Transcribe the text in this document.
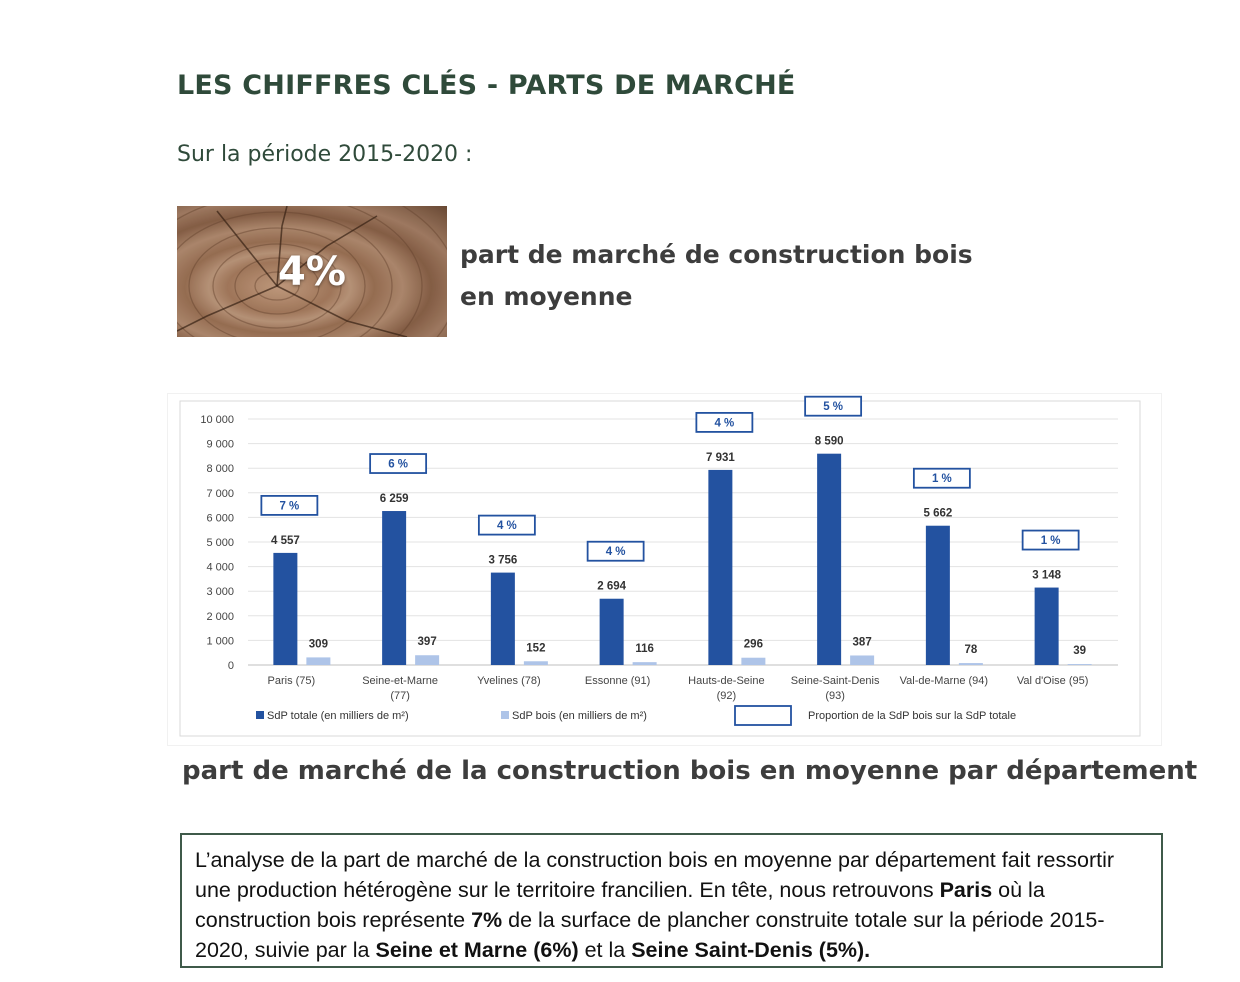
LES CHIFFRES CLÉS - PARTS DE MARCHÉ
Sur la période 2015-2020 :
4%	part de marché de construction bois en moyenne
0
1 000
2 000
3 000
4 000
5 000
6 000
7 000
8 000
9 000
10 000
4 557
309
7 %
6 259
397
6 %
3 756
152
4 %
2 694
116
4 %
7 931
296
4 %
8 590
387
5 %
5 662
78
1 %
3 148
39
1 %
Paris (75)	Seine-et-Marne
(77)
Yvelines (78)	Essonne (91)	Hauts-de-Seine
(92)
Seine-Saint-Denis
(93)
Val-de-Marne (94)	Val d'Oise (95)
SdP totale (en milliers de m²)	SdP bois (en milliers de m²)	Proportion de la SdP bois sur la SdP totale
part de marché de la construction bois en moyenne par département
L’analyse de la part de marché de la construction bois en moyenne par département fait ressortir une production hétérogène sur le territoire francilien. En tête, nous retrouvons Paris où la construction bois représente 7% de la surface de plancher construite totale sur la période 2015-2020, suivie par la Seine et Marne (6%) et la Seine Saint-Denis (5%).
